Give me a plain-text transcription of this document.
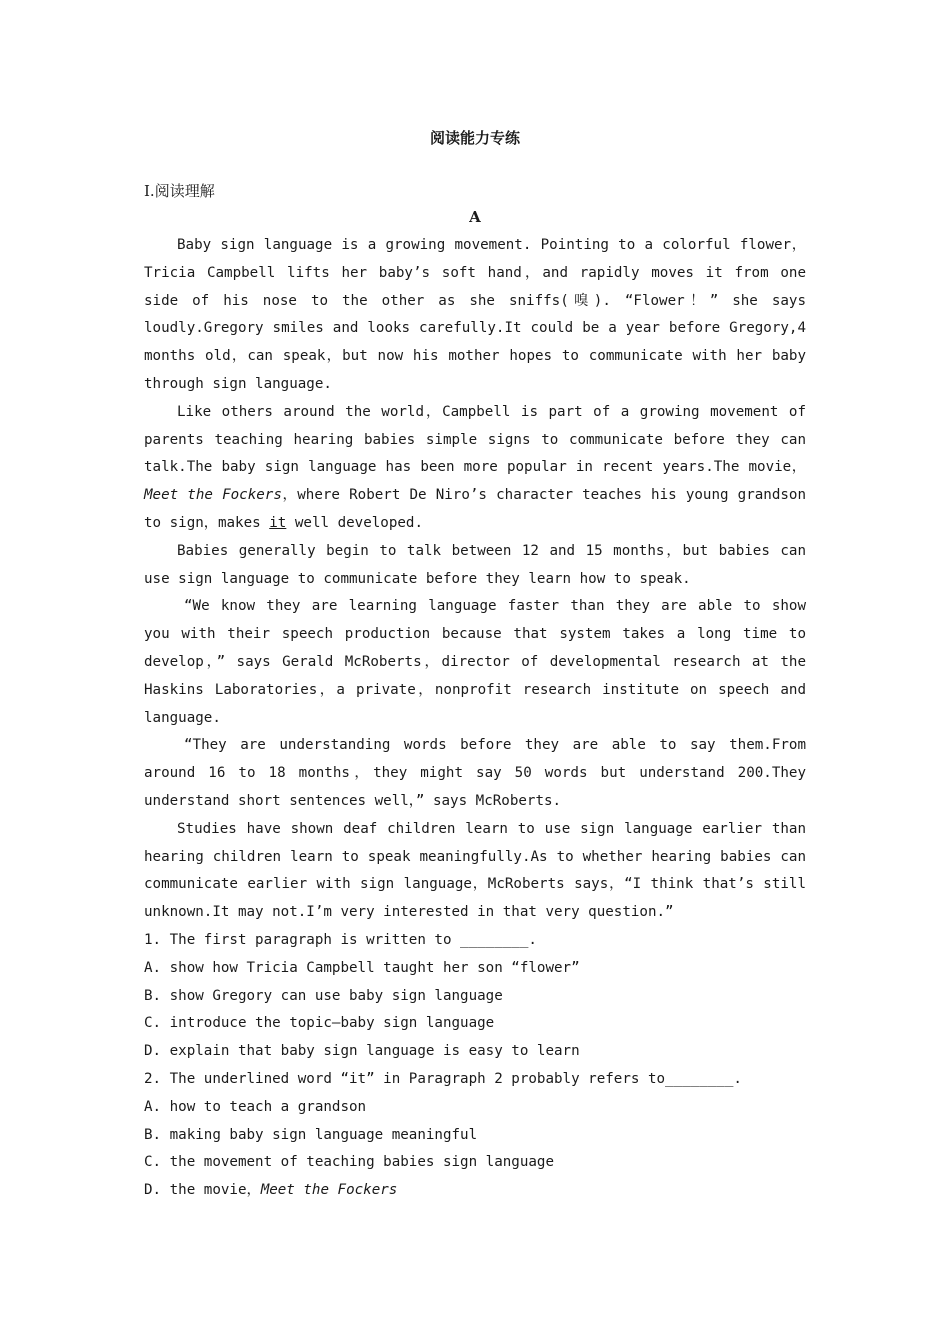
阅读能力专练
Ⅰ.阅读理解
A

Baby sign language is a growing movement. Pointing to a colorful flower，Tricia Campbell lifts her baby’s soft hand，and rapidly moves it from one side of his nose to the other as she sniffs(嗅). “Flower！” she says loudly.Gregory smiles and looks carefully.It could be a year before Gregory,4 months old，can speak，but now his mother hopes to communicate with her baby through sign language.

Like others around the world，Campbell is part of a growing movement of parents teaching hearing babies simple signs to communicate before they can talk.The baby sign language has been more popular in recent years.The movie，Meet the Fockers，where Robert De Niro’s character teaches his young grandson to sign，makes it well developed.

Babies generally begin to talk between 12 and 15 months，but babies can use sign language to communicate before they learn how to speak.

“We know they are learning language faster than they are able to show you with their speech production because that system takes a long time to develop，” says Gerald McRoberts，director of developmental research at the Haskins Laboratories，a private，nonprofit research institute on speech and language.

“They are understanding words before they are able to say them.From around 16 to 18 months，they might say 50 words but understand 200.They understand short sentences well，” says McRoberts.

Studies have shown deaf children learn to use sign language earlier than hearing children learn to speak meaningfully.As to whether hearing babies can communicate earlier with sign language，McRoberts says，“I think that’s still unknown.It may not.I’m very interested in that very question.”

1. The first paragraph is written to ________.

A. show how Tricia Campbell taught her son “flower”

B. show Gregory can use baby sign language

C. introduce the topic—baby sign language

D. explain that baby sign language is easy to learn

2. The underlined word “it” in Paragraph 2 probably refers to________.

A. how to teach a grandson

B. making baby sign language meaningful

C. the movement of teaching babies sign language

D. the movie，Meet the Fockers
